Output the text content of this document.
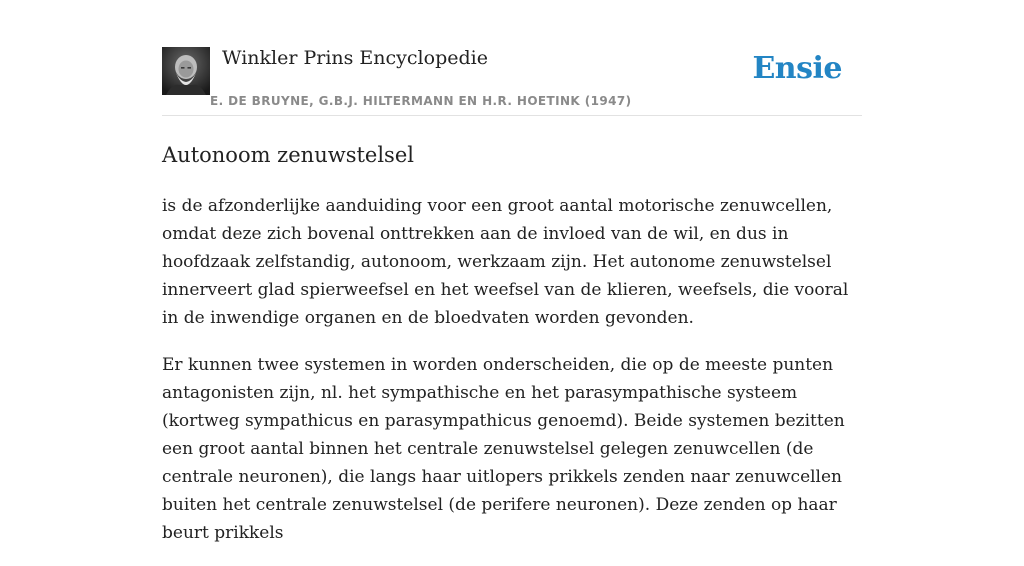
Winkler Prins Encyclopedie
E. DE BRUYNE, G.B.J. HILTERMANN EN H.R. HOETINK (1947)
Ensie
Autonoom zenuwstelsel

is de afzonderlijke aanduiding voor een groot aantal motorische zenuwcellen, omdat deze zich bovenal onttrekken aan de invloed van de wil, en dus in hoofdzaak zelfstandig, autonoom, werkzaam zijn. Het autonome zenuwstelsel innerveert glad spierweefsel en het weefsel van de klieren, weefsels, die vooral in de inwendige organen en de bloedvaten worden gevonden.

Er kunnen twee systemen in worden onderscheiden, die op de meeste punten antagonisten zijn, nl. het sympathische en het parasympathische systeem (kortweg sympathicus en parasympathicus genoemd). Beide systemen bezitten een groot aantal binnen het centrale zenuwstelsel gelegen zenuwcellen (de centrale neuronen), die langs haar uitlopers prikkels zenden naar zenuwcellen buiten het centrale zenuwstelsel (de perifere neuronen). Deze zenden op haar beurt prikkels
